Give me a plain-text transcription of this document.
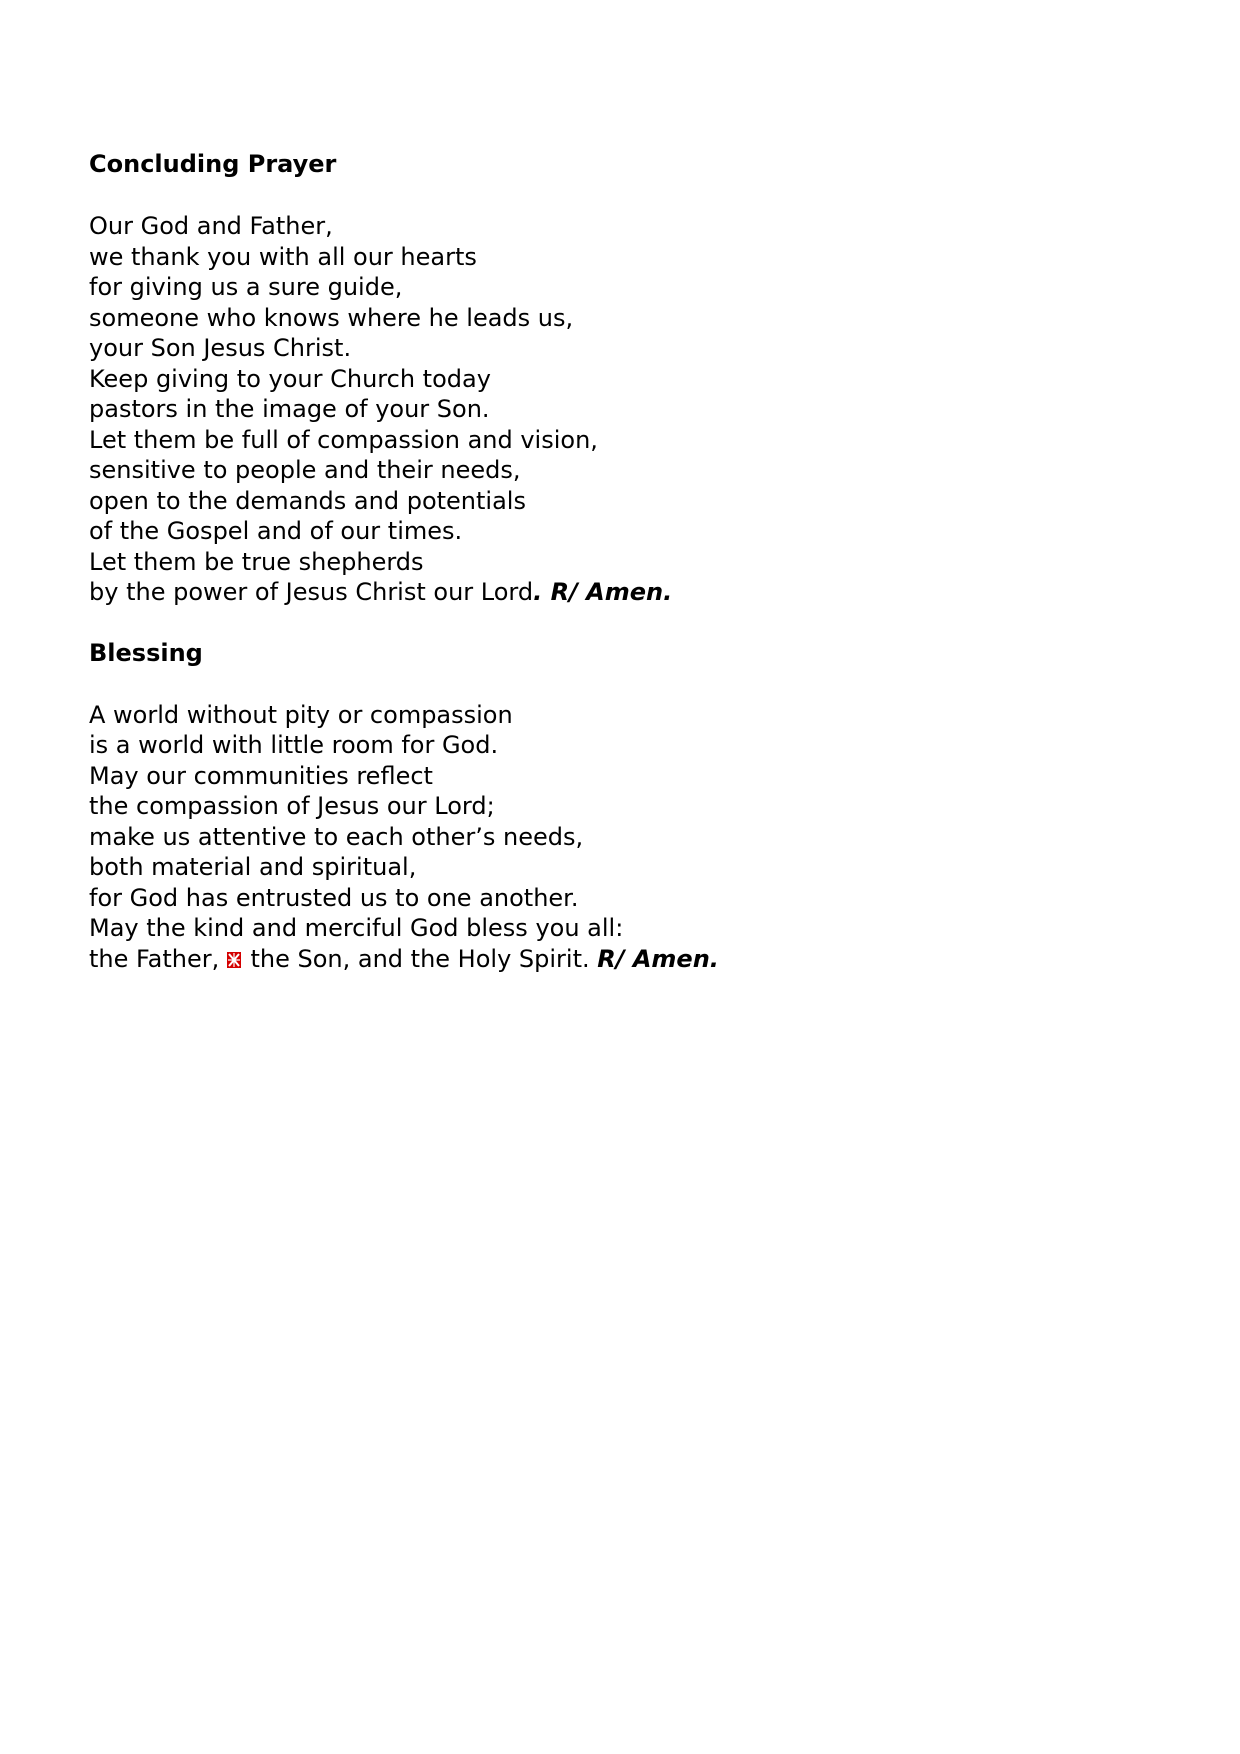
Concluding Prayer

Our God and Father,

we thank you with all our hearts

for giving us a sure guide,

someone who knows where he leads us,

your Son Jesus Christ.

Keep giving to your Church today

pastors in the image of your Son.

Let them be full of compassion and vision,

sensitive to people and their needs,

open to the demands and potentials

of the Gospel and of our times.

Let them be true shepherds

by the power of Jesus Christ our Lord. R/ Amen.

Blessing

A world without pity or compassion

is a world with little room for God.

May our communities reflect

the compassion of Jesus our Lord;

make us attentive to each other’s needs,

both material and spiritual,

for God has entrusted us to one another.

May the kind and merciful God bless you all:

the Father,  the Son, and the Holy Spirit. R/ Amen.
